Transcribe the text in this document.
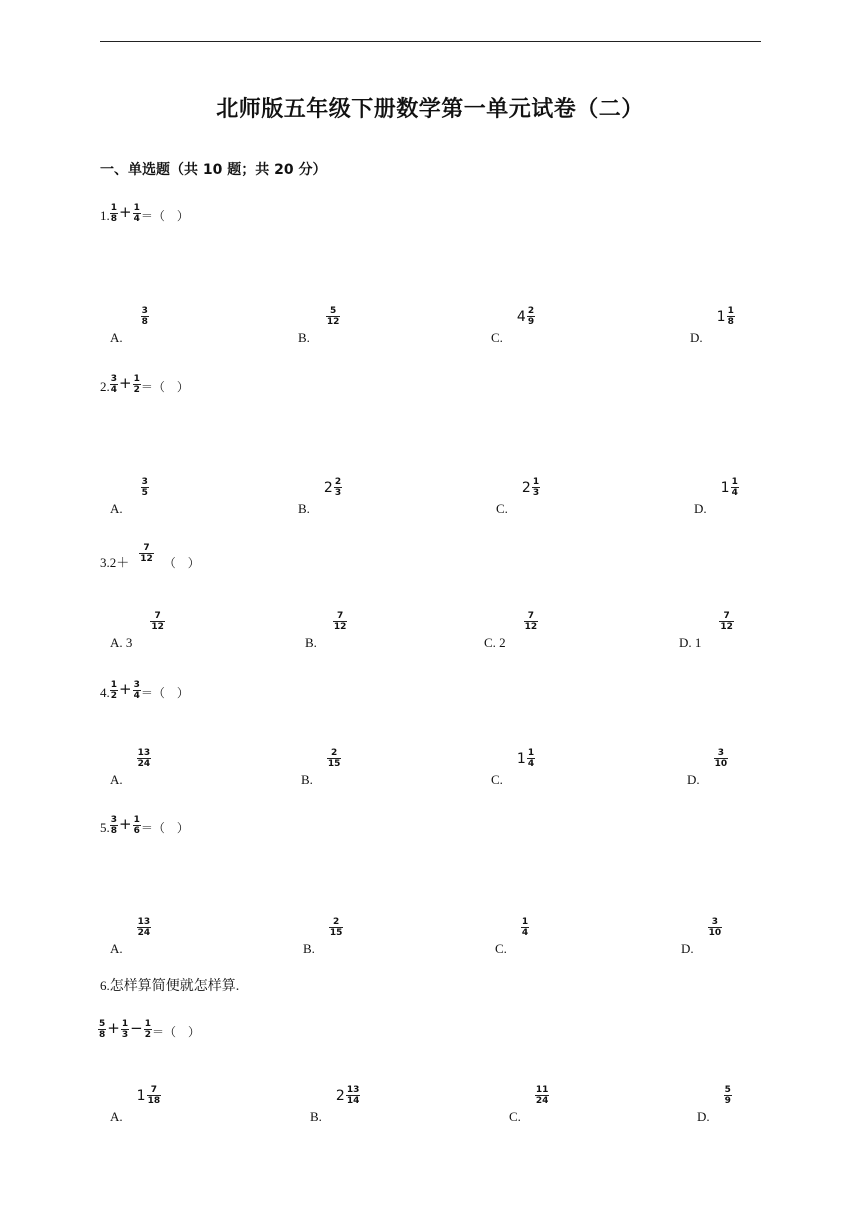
北师版五年级下册数学第一单元试卷（二）
一、单选题（共 10 题；共 20 分）
1. $\frac{1}{8} + \frac{1}{4}$ ＝（　）
$_{A.}$
$\frac{3}{8}$
$_{B.}$
$\frac{5}{12}$
$_{C.}4 \frac{2}{9}$
$_{D.}1 \frac{1}{8}$
2. $\frac{3}{4} + \frac{1}{2}$ ＝（　）
$_{A.}$
$\frac{3}{5}$
$_{B.}2 \frac{2}{3}$
$_{C.}2 \frac{1}{3}$
$_{D.}1 \frac{1}{4}$
$3.2+ \frac{7}{12}$ （　）
$_{A. 3}$
$\frac{7}{12}$
$_{B.}$
$\frac{7}{12}$
$_{C. 2}$
$\frac{7}{12}$
$_{D. 1}$
$\frac{7}{12}$
4. $\frac{1}{2} + \frac{3}{4}$ ＝（　）
$_{A.}$
$\frac{13}{24}$
$_{B.}$
$\frac{2}{15}$
$_{C.}1 \frac{1}{4}$
$_{D.}$
$\frac{3}{10}$
5. $\frac{3}{8} + \frac{1}{6}$ ＝（　）
$_{A.}$
$\frac{13}{24}$
$_{B.}$
$\frac{2}{15}$
$_{C.}$
$\frac{1}{4}$
$_{D.}$
$\frac{3}{10}$
6.怎样算简便就怎样算.
$\frac{5}{8} + \frac{1}{3} - \frac{1}{2}$ ＝（　）
$_{A.}1 \frac{7}{18}$
$_{B.}2 \frac{13}{14}$
$_{C.}$
$\frac{11}{24}$
$_{D.}$
$\frac{5}{9}$
